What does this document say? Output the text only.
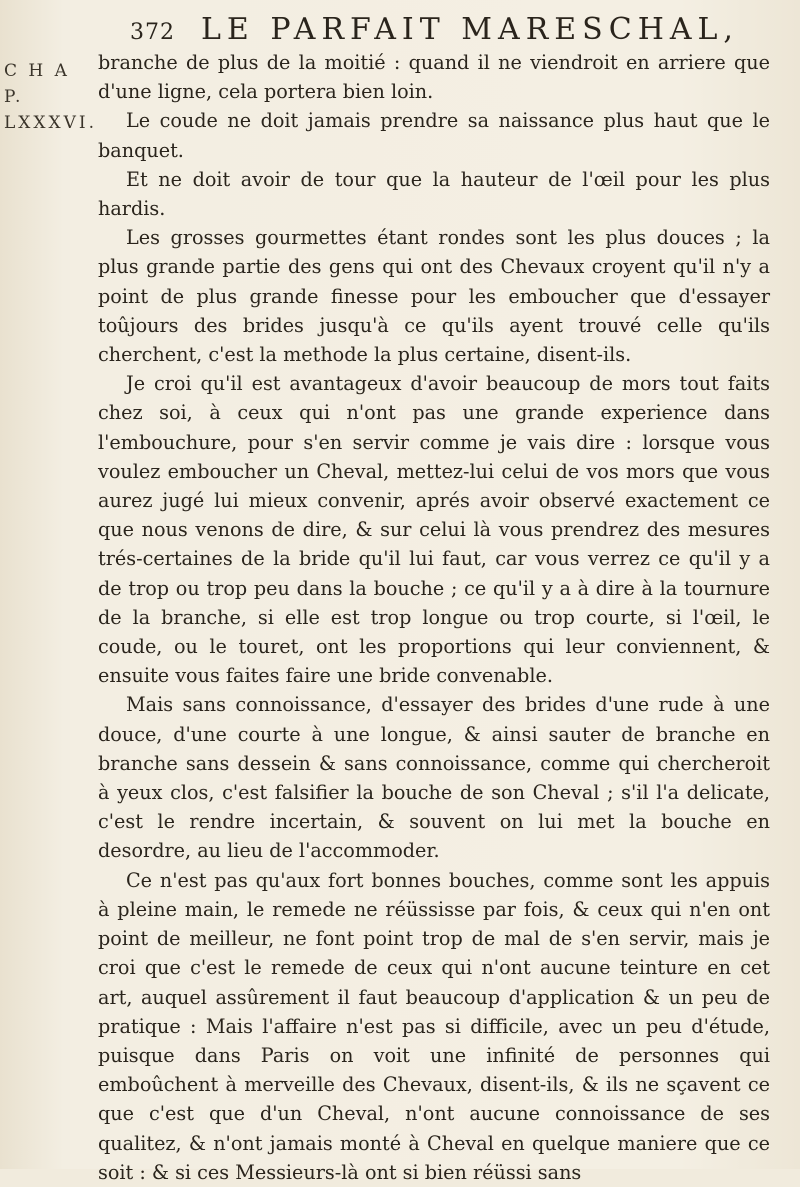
372 LE PARFAIT MARESCHAL,
C H A P.
LXXXVI.

branche de plus de la moitié : quand il ne viendroit en arriere que d'une ligne, cela portera bien loin.

Le coude ne doit jamais prendre sa naissance plus haut que le banquet.

Et ne doit avoir de tour que la hauteur de l'œil pour les plus hardis.

Les grosses gourmettes étant rondes sont les plus douces ; la plus grande partie des gens qui ont des Chevaux croyent qu'il n'y a point de plus grande finesse pour les emboucher que d'essayer toûjours des brides jusqu'à ce qu'ils ayent trouvé celle qu'ils cherchent, c'est la methode la plus certaine, disent-ils.

Je croi qu'il est avantageux d'avoir beaucoup de mors tout faits chez soi, à ceux qui n'ont pas une grande experience dans l'embouchure, pour s'en servir comme je vais dire : lorsque vous voulez emboucher un Cheval, mettez-lui celui de vos mors que vous aurez jugé lui mieux convenir, aprés avoir observé exactement ce que nous venons de dire, & sur celui là vous prendrez des mesures trés-certaines de la bride qu'il lui faut, car vous verrez ce qu'il y a de trop ou trop peu dans la bouche ; ce qu'il y a à dire à la tournure de la branche, si elle est trop longue ou trop courte, si l'œil, le coude, ou le touret, ont les proportions qui leur conviennent, & ensuite vous faites faire une bride convenable.

Mais sans connoissance, d'essayer des brides d'une rude à une douce, d'une courte à une longue, & ainsi sauter de branche en branche sans dessein & sans connoissance, comme qui chercheroit à yeux clos, c'est falsifier la bouche de son Cheval ; s'il l'a delicate, c'est le rendre incertain, & souvent on lui met la bouche en desordre, au lieu de l'accommoder.

Ce n'est pas qu'aux fort bonnes bouches, comme sont les appuis à pleine main, le remede ne réüssisse par fois, & ceux qui n'en ont point de meilleur, ne font point trop de mal de s'en servir, mais je croi que c'est le remede de ceux qui n'ont aucune teinture en cet art, auquel assûrement il faut beaucoup d'application & un peu de pratique : Mais l'affaire n'est pas si difficile, avec un peu d'étude, puisque dans Paris on voit une infinité de personnes qui emboûchent à merveille des Chevaux, disent-ils, & ils ne sçavent ce que c'est que d'un Cheval, n'ont aucune connoissance de ses qualitez, & n'ont jamais monté à Cheval en quelque maniere que ce soit : & si ces Messieurs-là ont si bien réüssi sans
